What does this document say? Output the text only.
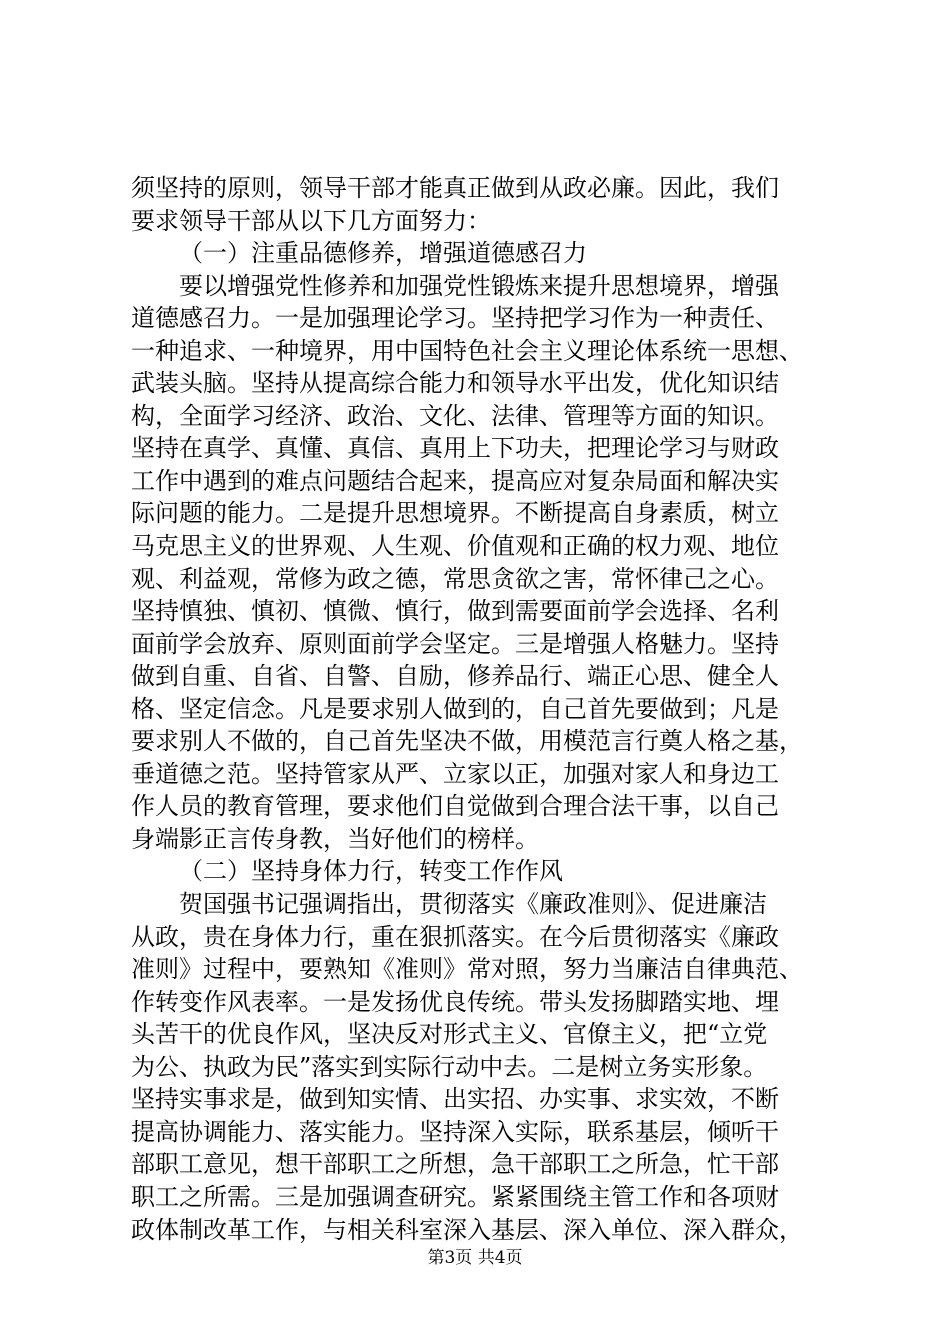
须坚持的原则，领导干部才能真正做到从政必廉。因此，我们
要求领导干部从以下几方面努力：
（一）注重品德修养，增强道德感召力
要以增强党性修养和加强党性锻炼来提升思想境界，增强
道德感召力。一是加强理论学习。坚持把学习作为一种责任、
一种追求、一种境界，用中国特色社会主义理论体系统一思想、
武装头脑。坚持从提高综合能力和领导水平出发，优化知识结
构，全面学习经济、政治、文化、法律、管理等方面的知识。
坚持在真学、真懂、真信、真用上下功夫，把理论学习与财政
工作中遇到的难点问题结合起来，提高应对复杂局面和解决实
际问题的能力。二是提升思想境界。不断提高自身素质，树立
马克思主义的世界观、人生观、价值观和正确的权力观、地位
观、利益观，常修为政之德，常思贪欲之害，常怀律己之心。
坚持慎独、慎初、慎微、慎行，做到需要面前学会选择、名利
面前学会放弃、原则面前学会坚定。三是增强人格魅力。坚持
做到自重、自省、自警、自励，修养品行、端正心思、健全人
格、坚定信念。凡是要求别人做到的，自己首先要做到；凡是
要求别人不做的，自己首先坚决不做，用模范言行奠人格之基，
垂道德之范。坚持管家从严、立家以正，加强对家人和身边工
作人员的教育管理，要求他们自觉做到合理合法干事，以自己
身端影正言传身教，当好他们的榜样。
（二）坚持身体力行，转变工作作风
贺国强书记强调指出，贯彻落实《廉政准则》、促进廉洁
从政，贵在身体力行，重在狠抓落实。在今后贯彻落实《廉政
准则》过程中，要熟知《准则》常对照，努力当廉洁自律典范、
作转变作风表率。一是发扬优良传统。带头发扬脚踏实地、埋
头苦干的优良作风，坚决反对形式主义、官僚主义，把“立党
为公、执政为民”落实到实际行动中去。二是树立务实形象。
坚持实事求是，做到知实情、出实招、办实事、求实效，不断
提高协调能力、落实能力。坚持深入实际，联系基层，倾听干
部职工意见，想干部职工之所想，急干部职工之所急，忙干部
职工之所需。三是加强调查研究。紧紧围绕主管工作和各项财
政体制改革工作，与相关科室深入基层、深入单位、深入群众，
第3页 共4页
